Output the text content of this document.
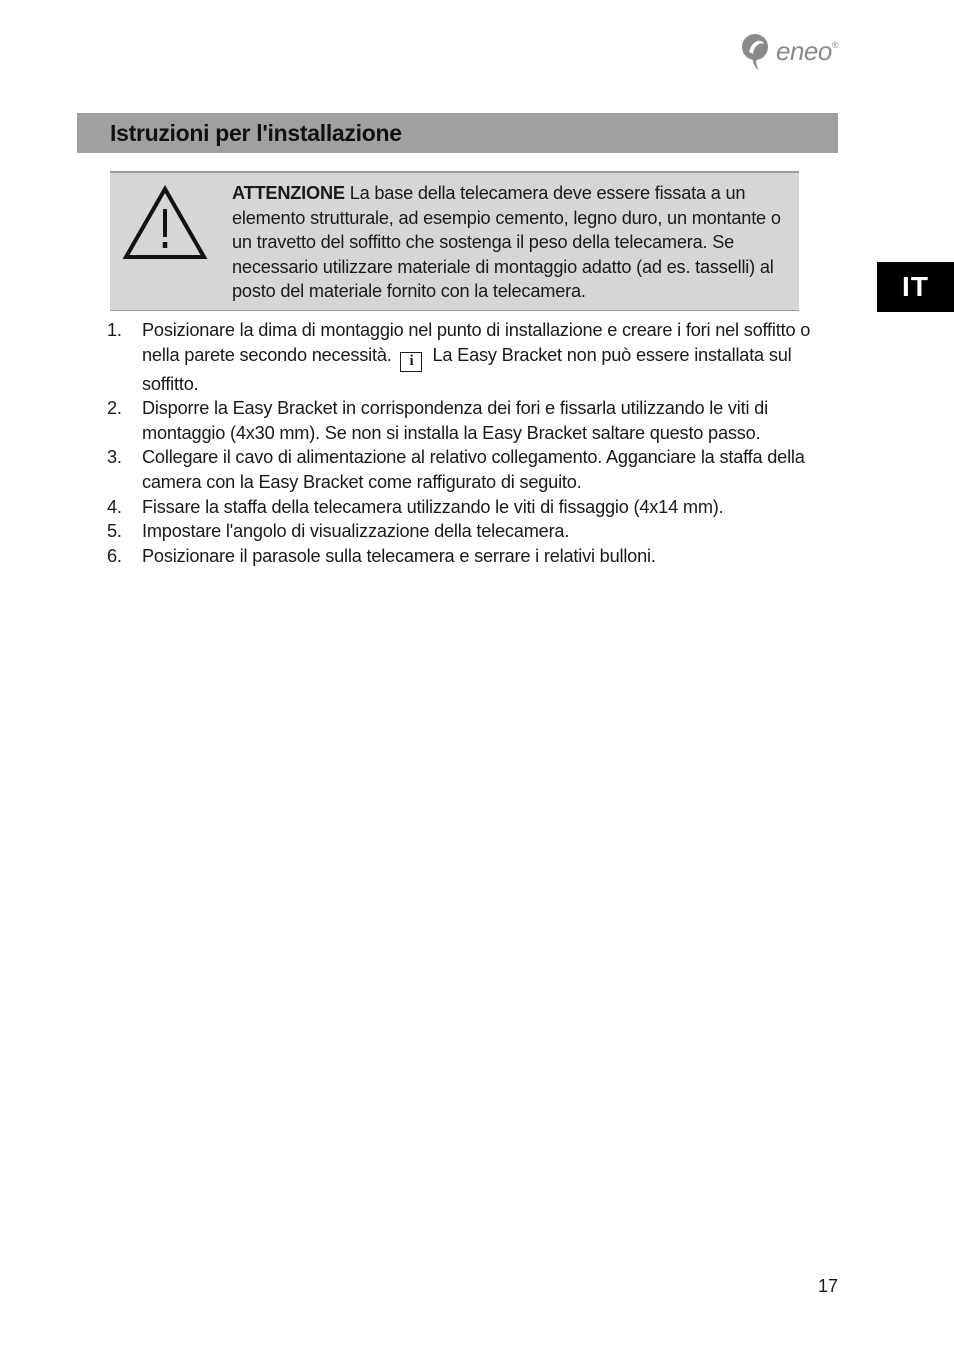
eneo®
Istruzioni per l'installazione
IT
ATTENZIONE La base della telecamera deve essere fissata a un elemento strutturale, ad esempio cemento, legno duro, un montante o un travetto del soffitto che sostenga il peso della telecamera. Se necessario utilizzare materiale di montaggio adatto (ad es. tasselli) al posto del materiale fornito con la telecamera.
1.	Posizionare la dima di montaggio nel punto di installazione e creare i fori nel soffitto o nella parete secondo necessità. i La Easy Bracket non può essere installata sul soffitto.
2.	Disporre la Easy Bracket in corrispondenza dei fori e fissarla utilizzando le viti di montaggio (4x30 mm). Se non si installa la Easy Bracket saltare questo passo.
3.	Collegare il cavo di alimentazione al relativo collegamento. Agganciare la staffa della camera con la Easy Bracket come raffigurato di seguito.
4.	Fissare la staffa della telecamera utilizzando le viti di fissaggio (4x14 mm).
5.	Impostare l'angolo di visualizzazione della telecamera.
6.	Posizionare il parasole sulla telecamera e serrare i relativi bulloni.
17
